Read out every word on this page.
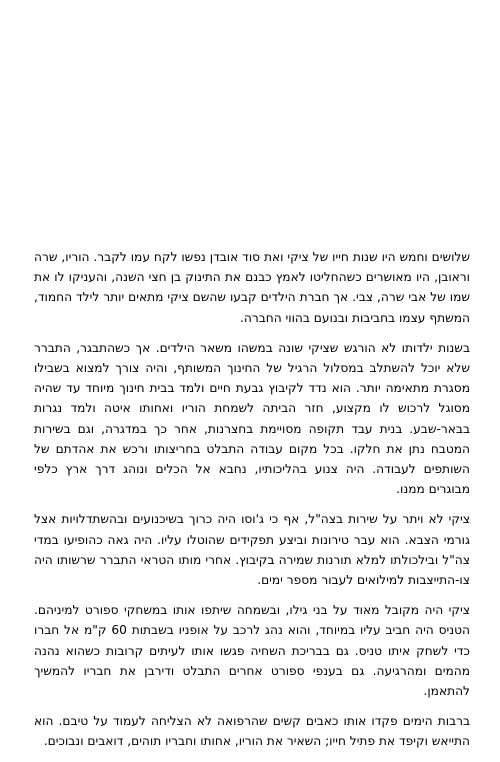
שלושים וחמש היו שנות חייו של ציקי ואת סוד אובדן נפשו לקח עמו לקבר. הוריו, שרה וראובן, היו מאושרים כשהחליטו לאמץ כבנם את התינוק בן חצי השנה, והעניקו לו את שמו של אבי שרה, צבי. אך חברת הילדים קבעו שהשם ציקי מתאים יותר לילד החמוד, המשתף עצמו בחביבות ובנועם בהווי החברה.

בשנות ילדותו לא הורגש שציקי שונה במשהו משאר הילדים. אך כשהתבגר, התברר שלא יוכל להשתלב במסלול הרגיל של החינוך המשותף, והיה צורך למצוא בשבילו מסגרת מתאימה יותר. הוא נדד לקיבוץ גבעת חיים ולמד בבית חינוך מיוחד עד שהיה מסוגל לרכוש לו מקצוע, חזר הביתה לשמחת הוריו ואחותו איטה ולמד נגרות בבאר-שבע. בנית עבד תקופה מסויימת בחצרנות, אחר כך במדגרה, וגם בשירות המטבח נתן את חלקו. בכל מקום עבודה התבלט בחריצותו ורכש את אהדתם של השותפים לעבודה. היה צנוע בהליכותיו, נחבא אל הכלים ונוהג דרך ארץ כלפי מבוגרים ממנו.

ציקי לא ויתר על שירות בצה"ל, אף כי ג'וסו היה כרוך בשיכנועים ובהשתדלויות אצל גורמי הצבא. הוא עבר טירונות וביצע תפקידים שהוטלו עליו. היה גאה כהופיעו במדי צה"ל ובילכולתו למלא תורנות שמירה בקיבוץ. אחרי מותו הטראי התברר שרשותו היה צו-התייצבות למילואים לעבור מספר ימים.

ציקי היה מקובל מאוד על בני גילו, ובשמחה שיתפו אותו במשחקי ספורט למיניהם. הטניס היה חביב עליו במיוחד, והוא נהג לרכב על אופניו בשבתות 60 ק"מ אל חברו כדי לשחק איתו טניס. גם בבריכת השחיה פגשו אותו לעיתים קרובות כשהוא נהנה מהמים ומהרגיעה. גם בענפי ספורט אחרים התבלט ודירבן את חבריו להמשיך להתאמן.

ברבות הימים פקדו אותו כאבים קשים שהרפואה לא הצליחה לעמוד על טיבם. הוא התייאש וקיפד את פתיל חייו; השאיר את הוריו, אחותו וחבריו תוהים, דואבים ונבוכים.
